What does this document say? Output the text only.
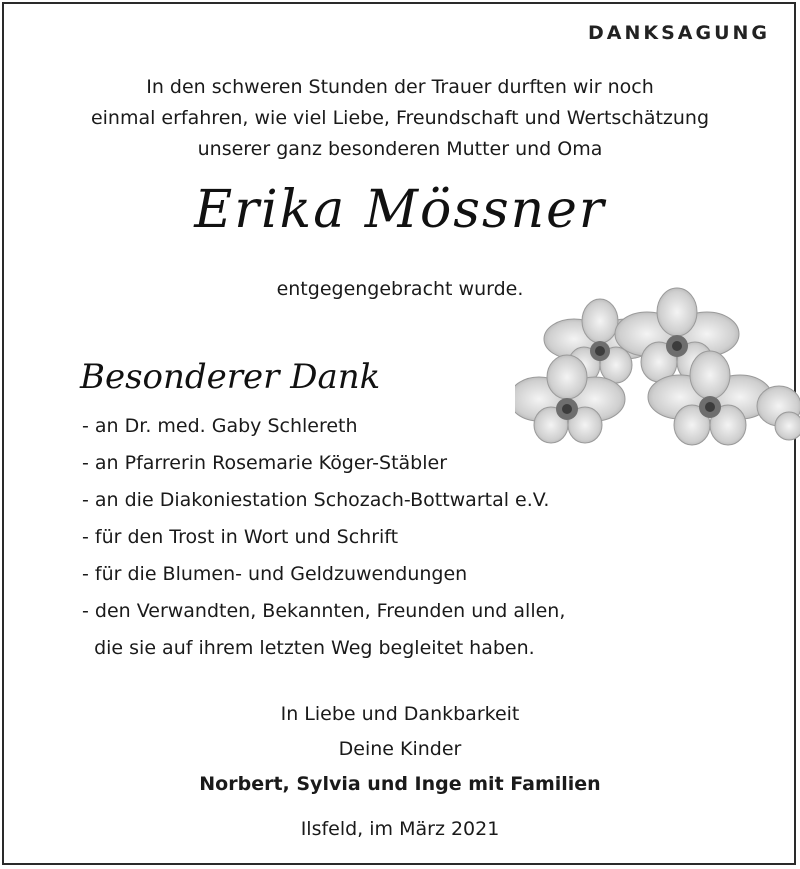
DANKSAGUNG
In den schweren Stunden der Trauer durften wir noch
einmal erfahren, wie viel Liebe, Freundschaft und Wertschätzung
unserer ganz besonderen Mutter und Oma
Erika Mössner
entgegengebracht wurde.
Besonderer Dank
- an Dr. med. Gaby Schlereth
- an Pfarrerin Rosemarie Köger-Stäbler
- an die Diakoniestation Schozach-Bottwartal e.V.
- für den Trost in Wort und Schrift
- für die Blumen- und Geldzuwendungen
- den Verwandten, Bekannten, Freunden und allen,
die sie auf ihrem letzten Weg begleitet haben.
In Liebe und Dankbarkeit
Deine Kinder
Norbert, Sylvia und Inge mit Familien
Ilsfeld, im März 2021
